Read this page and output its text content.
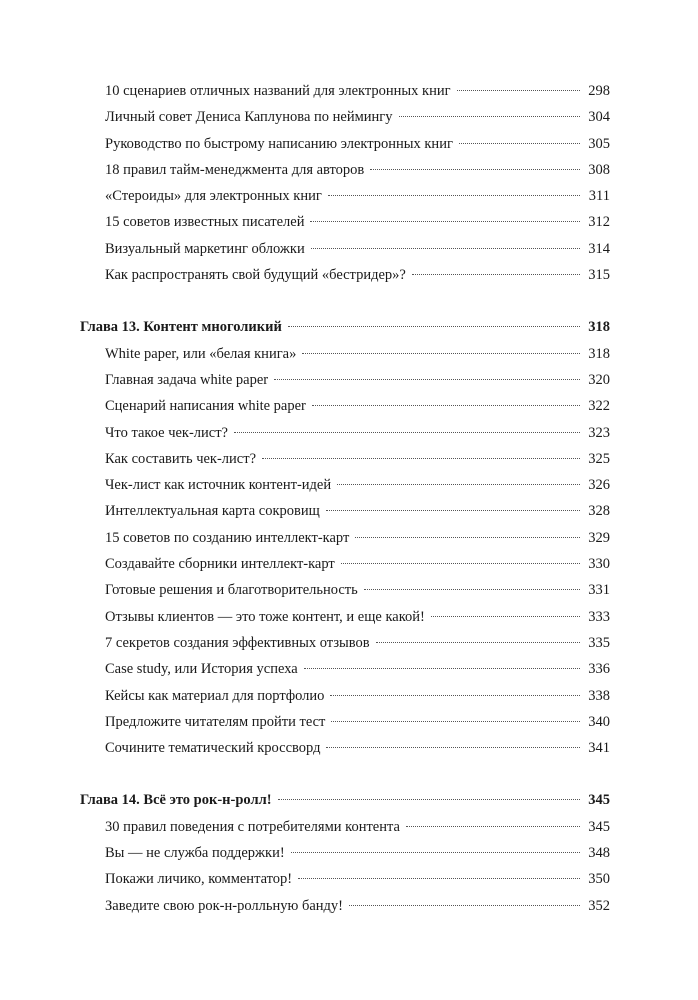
10 сценариев отличных названий для электронных книг	298
Личный совет Дениса Каплунова по неймингу	304
Руководство по быстрому написанию электронных книг	305
18 правил тайм-менеджмента для авторов	308
«Стероиды» для электронных книг	311
15 советов известных писателей	312
Визуальный маркетинг обложки	314
Как распространять свой будущий «бестридер»?	315
Глава 13. Контент многоликий	318
White paper, или «белая книга»	318
Главная задача white paper	320
Сценарий написания white paper	322
Что такое чек-лист?	323
Как составить чек-лист?	325
Чек-лист как источник контент-идей	326
Интеллектуальная карта сокровищ	328
15 советов по созданию интеллект-карт	329
Создавайте сборники интеллект-карт	330
Готовые решения и благотворительность	331
Отзывы клиентов — это тоже контент, и еще какой!	333
7 секретов создания эффективных отзывов	335
Case study, или История успеха	336
Кейсы как материал для портфолио	338
Предложите читателям пройти тест	340
Сочините тематический кроссворд	341
Глава 14. Всё это рок-н-ролл!	345
30 правил поведения с потребителями контента	345
Вы — не служба поддержки!	348
Покажи личико, комментатор!	350
Заведите свою рок-н-ролльную банду!	352
